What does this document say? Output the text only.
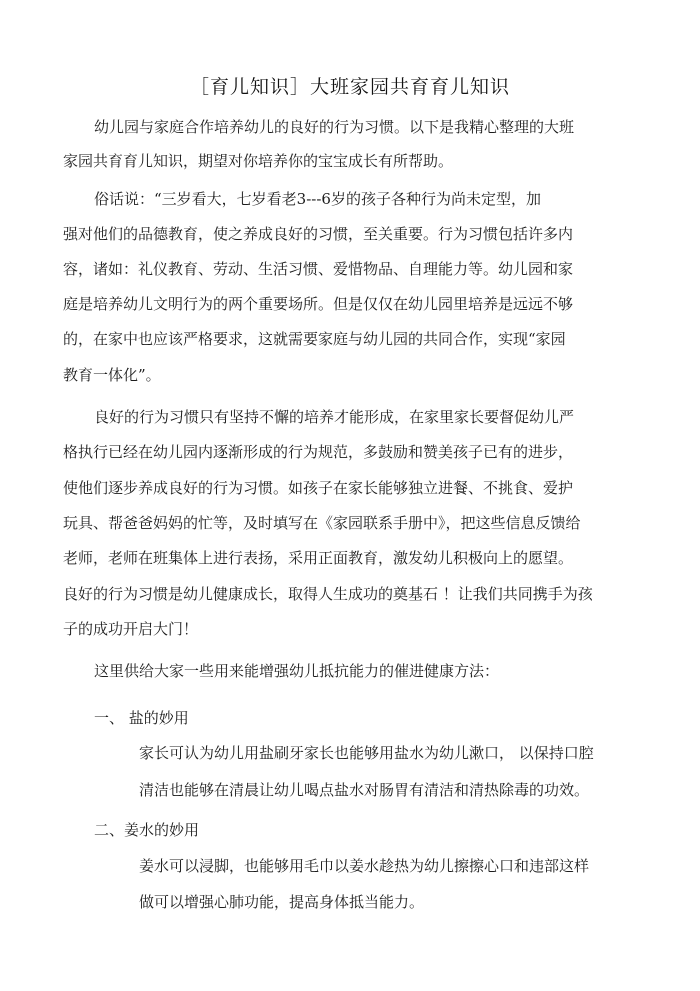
［育儿知识］大班家园共育育儿知识
幼儿园与家庭合作培养幼儿的良好的行为习惯。以下是我精心整理的大班
家园共育育儿知识，期望对你培养你的宝宝成长有所帮助。
俗话说：“三岁看大，七岁看老3---6岁的孩子各种行为尚未定型，加
强对他们的品德教育，使之养成良好的习惯，至关重要。行为习惯包括许多内
容，诸如：礼仪教育、劳动、生活习惯、爱惜物品、自理能力等。幼儿园和家
庭是培养幼儿文明行为的两个重要场所。但是仅仅在幼儿园里培养是远远不够
的，在家中也应该严格要求，这就需要家庭与幼儿园的共同合作，实现“家园
教育一体化”。
良好的行为习惯只有坚持不懈的培养才能形成，在家里家长要督促幼儿严
格执行已经在幼儿园内逐渐形成的行为规范，多鼓励和赞美孩子已有的进步，
使他们逐步养成良好的行为习惯。如孩子在家长能够独立进餐、不挑食、爱护
玩具、帮爸爸妈妈的忙等，及时填写在《家园联系手册中》，把这些信息反馈给
老师，老师在班集体上进行表扬，采用正面教育，激发幼儿积极向上的愿望。
良好的行为习惯是幼儿健康成长，取得人生成功的奠基石 ！让我们共同携手为孩
子的成功开启大门！
这里供给大家一些用来能增强幼儿抵抗能力的催进健康方法：
一、 盐的妙用
家长可认为幼儿用盐刷牙家长也能够用盐水为幼儿漱口， 以保持口腔
清洁也能够在清晨让幼儿喝点盐水对肠胃有清洁和清热除毒的功效。
二、姜水的妙用
姜水可以浸脚，也能够用毛巾以姜水趁热为幼儿擦擦心口和违部这样
做可以增强心肺功能，提高身体抵当能力。
